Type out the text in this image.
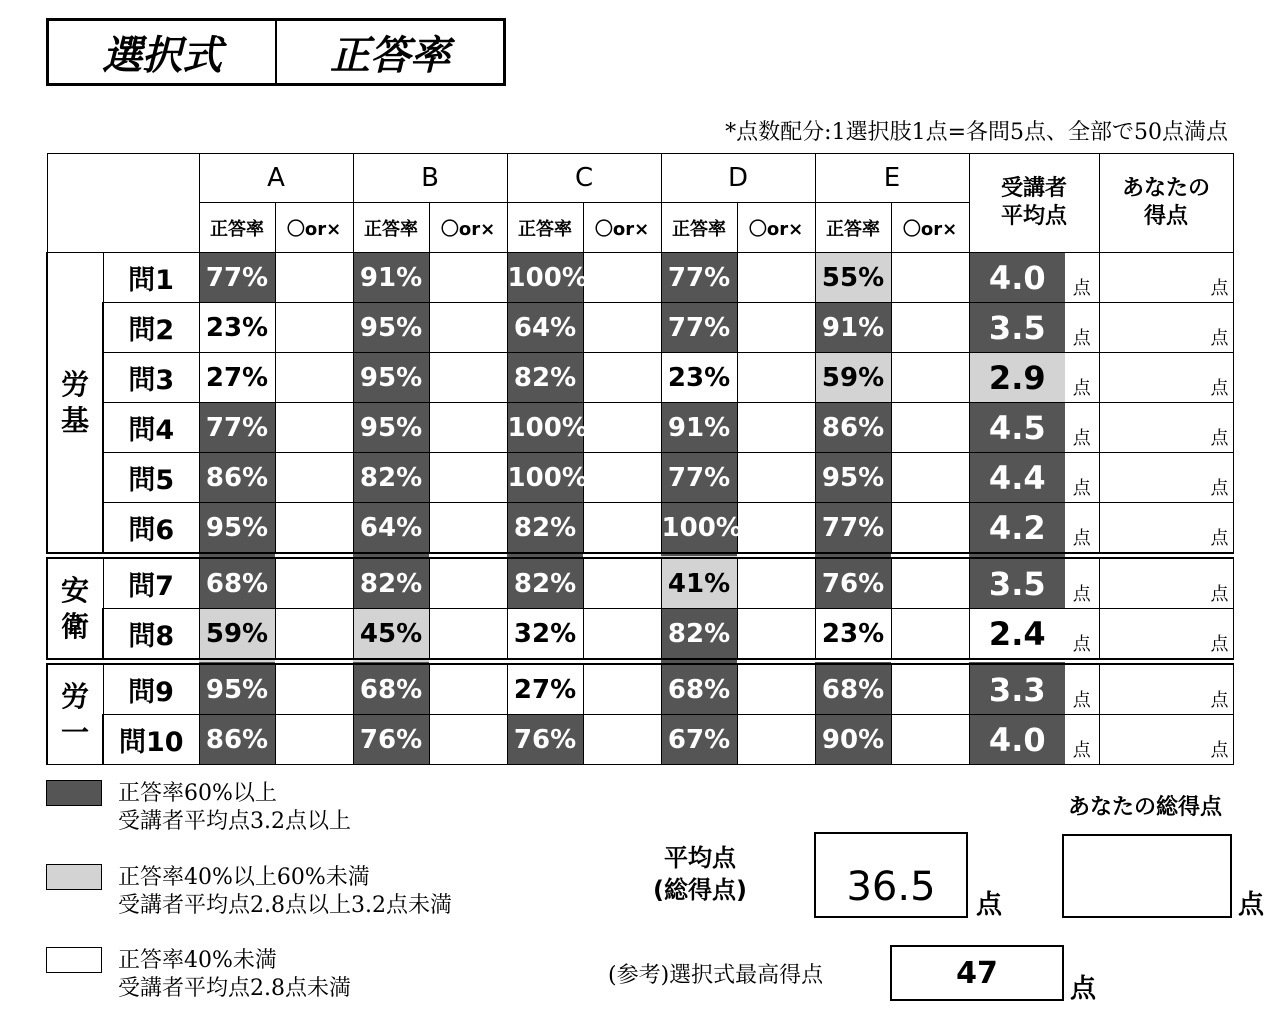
選択式	正答率
*点数配分:1選択肢1点=各問5点、全部で50点満点
		A		B		C		D		E		受講者
平均点		あなたの
得点	
		正答率	〇or×	正答率	〇or×	正答率	〇or×	正答率	〇or×	正答率	〇or×				

労
基	問1	77%		91%		100%		77%		55%		4.0	点		点
	問2	23%		95%		64%		77%		91%		3.5	点		点
	問3	27%		95%		82%		23%		59%		2.9	点		点
	問4	77%		95%		100%		91%		86%		4.5	点		点
	問5	86%		82%		100%		77%		95%		4.4	点		点
	問6	95%		64%		82%		100%		77%		4.2	点		点

安
衛	問7	68%		82%		82%		41%		76%		3.5	点		点
	問8	59%		45%		32%		82%		23%		2.4	点		点

労
一	問9	95%		68%		27%		68%		68%		3.3	点		点
	問10	86%		76%		76%		67%		90%		4.0	点		点
正答率60%以上
受講者平均点3.2点以上
正答率40%以上60%未満
受講者平均点2.8点以上3.2点未満
正答率40%未満
受講者平均点2.8点未満
平均点
(総得点)	36.5	点
あなたの総得点
点
(参考)選択式最高得点	47	点
